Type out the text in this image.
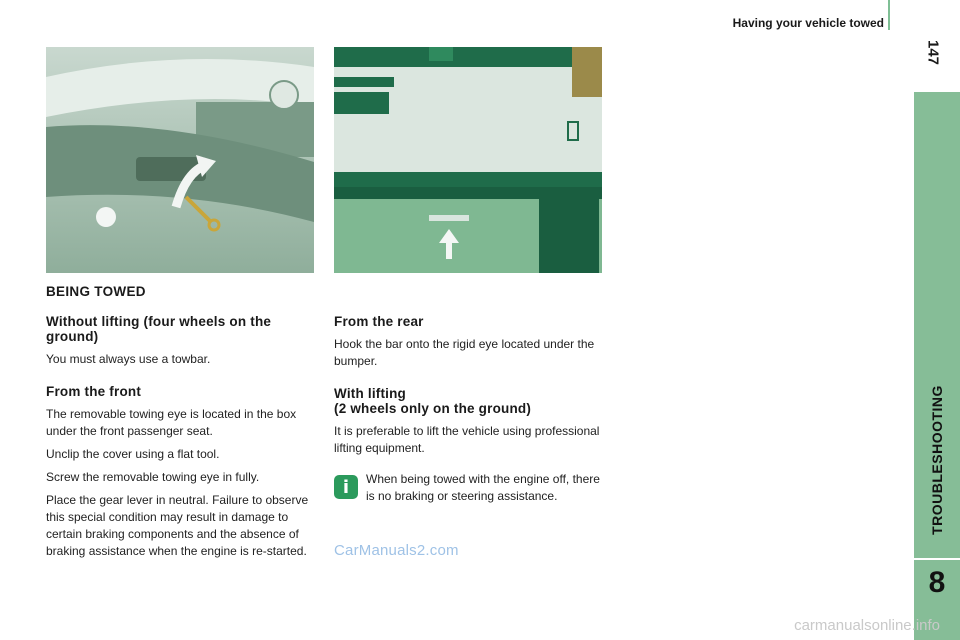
Having your vehicle towed
147
TROUBLESHOOTING
8
BEING TOWED
Without lifting (four wheels on the ground)

You must always use a towbar.

From the front

The removable towing eye is located in the box under the front passenger seat.

Unclip the cover using a flat tool.

Screw the removable towing eye in fully.

Place the gear lever in neutral. Failure to observe this special condition may result in damage to certain braking components and the absence of braking assistance when the engine is re-started.

From the rear

Hook the bar onto the rigid eye located under the bumper.

With lifting
(2 wheels only on the ground)

It is preferable to lift the vehicle using professional lifting equipment.

i When being towed with the engine off, there is no braking or steering assistance.

CarManuals2.com
carmanualsonline.info
